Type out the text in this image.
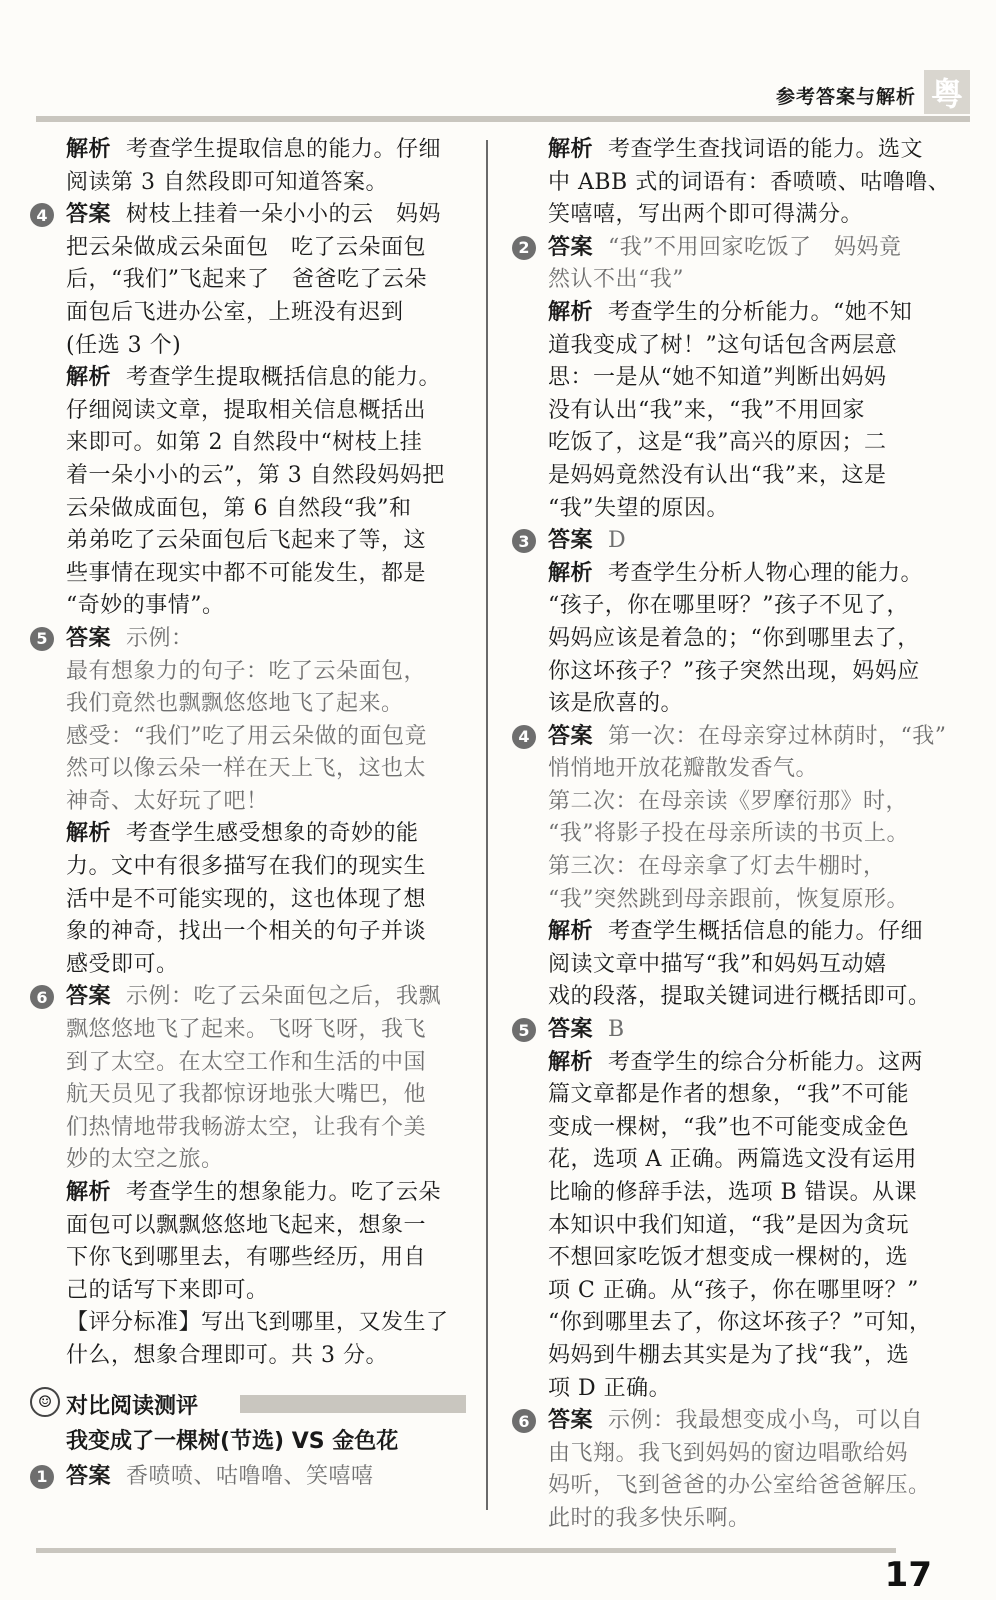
参考答案与解析 粤

解析 考查学生提取信息的能力。仔细

阅读第 3 自然段即可知道答案。

4 答案 树枝上挂着一朵小小的云　妈妈

把云朵做成云朵面包　吃了云朵面包

后，“我们”飞起来了　爸爸吃了云朵

面包后飞进办公室，上班没有迟到

(任选 3 个)

解析 考查学生提取概括信息的能力。

仔细阅读文章，提取相关信息概括出

来即可。如第 2 自然段中“树枝上挂

着一朵小小的云”，第 3 自然段妈妈把

云朵做成面包，第 6 自然段“我”和

弟弟吃了云朵面包后飞起来了等，这

些事情在现实中都不可能发生，都是

“奇妙的事情”。

5 答案 示例：

最有想象力的句子：吃了云朵面包，

我们竟然也飘飘悠悠地飞了起来。

感受：“我们”吃了用云朵做的面包竟

然可以像云朵一样在天上飞，这也太

神奇、太好玩了吧！

解析 考查学生感受想象的奇妙的能

力。文中有很多描写在我们的现实生

活中是不可能实现的，这也体现了想

象的神奇，找出一个相关的句子并谈

感受即可。

6 答案 示例：吃了云朵面包之后，我飘

飘悠悠地飞了起来。飞呀飞呀，我飞

到了太空。在太空工作和生活的中国

航天员见了我都惊讶地张大嘴巴，他

们热情地带我畅游太空，让我有个美

妙的太空之旅。

解析 考查学生的想象能力。吃了云朵

面包可以飘飘悠悠地飞起来，想象一

下你飞到哪里去，有哪些经历，用自

己的话写下来即可。

【评分标准】写出飞到哪里，又发生了

什么，想象合理即可。共 3 分。

☺ 对比阅读测评
我变成了一棵树(节选) VS 金色花
1 答案 香喷喷、咕噜噜、笑嘻嘻

解析 考查学生查找词语的能力。选文

中 ABB 式的词语有：香喷喷、咕噜噜、

笑嘻嘻，写出两个即可得满分。

2 答案 “我”不用回家吃饭了　妈妈竟

然认不出“我”

解析 考查学生的分析能力。“她不知

道我变成了树！”这句话包含两层意

思：一是从“她不知道”判断出妈妈

没有认出“我”来，“我”不用回家

吃饭了，这是“我”高兴的原因；二

是妈妈竟然没有认出“我”来，这是

“我”失望的原因。

3 答案 D

解析 考查学生分析人物心理的能力。

“孩子，你在哪里呀？”孩子不见了，

妈妈应该是着急的；“你到哪里去了，

你这坏孩子？”孩子突然出现，妈妈应

该是欣喜的。

4 答案 第一次：在母亲穿过林荫时，“我”

悄悄地开放花瓣散发香气。

第二次：在母亲读《罗摩衍那》时，

“我”将影子投在母亲所读的书页上。

第三次：在母亲拿了灯去牛棚时，

“我”突然跳到母亲跟前，恢复原形。

解析 考查学生概括信息的能力。仔细

阅读文章中描写“我”和妈妈互动嬉

戏的段落，提取关键词进行概括即可。

5 答案 B

解析 考查学生的综合分析能力。这两

篇文章都是作者的想象，“我”不可能

变成一棵树，“我”也不可能变成金色

花，选项 A 正确。两篇选文没有运用

比喻的修辞手法，选项 B 错误。从课

本知识中我们知道，“我”是因为贪玩

不想回家吃饭才想变成一棵树的，选

项 C 正确。从“孩子，你在哪里呀？”

“你到哪里去了，你这坏孩子？”可知，

妈妈到牛棚去其实是为了找“我”，选

项 D 正确。

6 答案 示例：我最想变成小鸟，可以自

由飞翔。我飞到妈妈的窗边唱歌给妈

妈听，飞到爸爸的办公室给爸爸解压。

此时的我多快乐啊。

17
